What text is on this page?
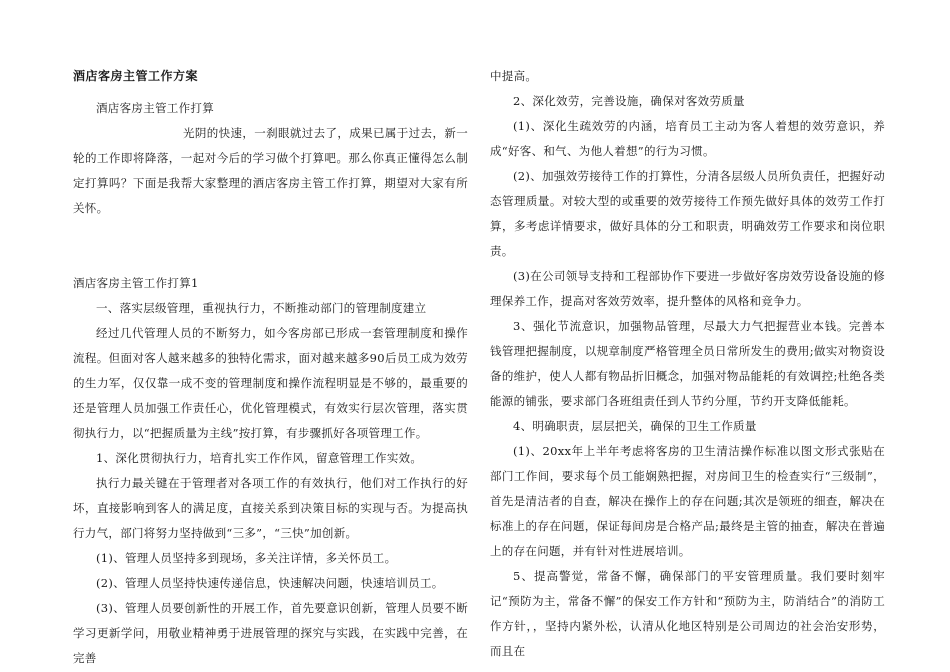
酒店客房主管工作方案

酒店客房主管工作打算

光阴的快速，一刹眼就过去了，成果已属于过去，新一轮的工作即将降落，一起对今后的学习做个打算吧。那么你真正懂得怎么制定打算吗？下面是我帮大家整理的酒店客房主管工作打算，期望对大家有所关怀。

酒店客房主管工作打算1

一、落实层级管理，重视执行力，不断推动部门的管理制度建立

经过几代管理人员的不断努力，如今客房部已形成一套管理制度和操作流程。但面对客人越来越多的独特化需求，面对越来越多90后员工成为效劳的生力军，仅仅靠一成不变的管理制度和操作流程明显是不够的，最重要的还是管理人员加强工作责任心，优化管理模式，有效实行层次管理，落实贯彻执行力，以“把握质量为主线”按打算，有步骤抓好各项管理工作。

1、深化贯彻执行力，培育扎实工作作风，留意管理工作实效。

执行力最关键在于管理者对各项工作的有效执行，他们对工作执行的好坏，直接影响到客人的满足度，直接关系到决策目标的实现与否。为提高执行力气，部门将努力坚持做到“三多”，“三快”加创新。

(1)、管理人员坚持多到现场，多关注详情，多关怀员工。

(2)、管理人员坚持快速传递信息，快速解决问题，快速培训员工。

(3)、管理人员要创新性的开展工作，首先要意识创新，管理人员要不断学习更新学问，用敬业精神勇于进展管理的探究与实践，在实践中完善，在完善

中提高。

2、深化效劳，完善设施，确保对客效劳质量

(1)、深化生疏效劳的内涵，培育员工主动为客人着想的效劳意识，养成“好客、和气、为他人着想”的行为习惯。

(2)、加强效劳接待工作的打算性，分清各层级人员所负责任，把握好动态管理质量。对较大型的或重要的效劳接待工作预先做好具体的效劳工作打算，多考虑详情要求，做好具体的分工和职责，明确效劳工作要求和岗位职责。

(3)在公司领导支持和工程部协作下要进一步做好客房效劳设备设施的修理保养工作，提高对客效劳效率，提升整体的风格和竞争力。

3、强化节流意识，加强物品管理，尽最大力气把握营业本钱。完善本钱管理把握制度，以规章制度严格管理全员日常所发生的费用;做实对物资设备的维护，使人人都有物品折旧概念，加强对物品能耗的有效调控;杜绝各类能源的铺张，要求部门各班组责任到人节约分厘，节约开支降低能耗。

4、明确职责，层层把关，确保的卫生工作质量

(1)、20xx年上半年考虑将客房的卫生清洁操作标准以图文形式张贴在部门工作间，要求每个员工能娴熟把握，对房间卫生的检查实行“三级制”，首先是清洁者的自查，解决在操作上的存在问题;其次是领班的细查，解决在标准上的存在问题，保证每间房是合格产品;最终是主管的抽查，解决在普遍上的存在问题，并有针对性进展培训。

5、提高警觉，常备不懈，确保部门的平安管理质量。我们要时刻牢记“预防为主，常备不懈”的保安工作方针和“预防为主，防消结合”的消防工作方针，，坚持内紧外松，认清从化地区特别是公司周边的社会治安形势，而且在
